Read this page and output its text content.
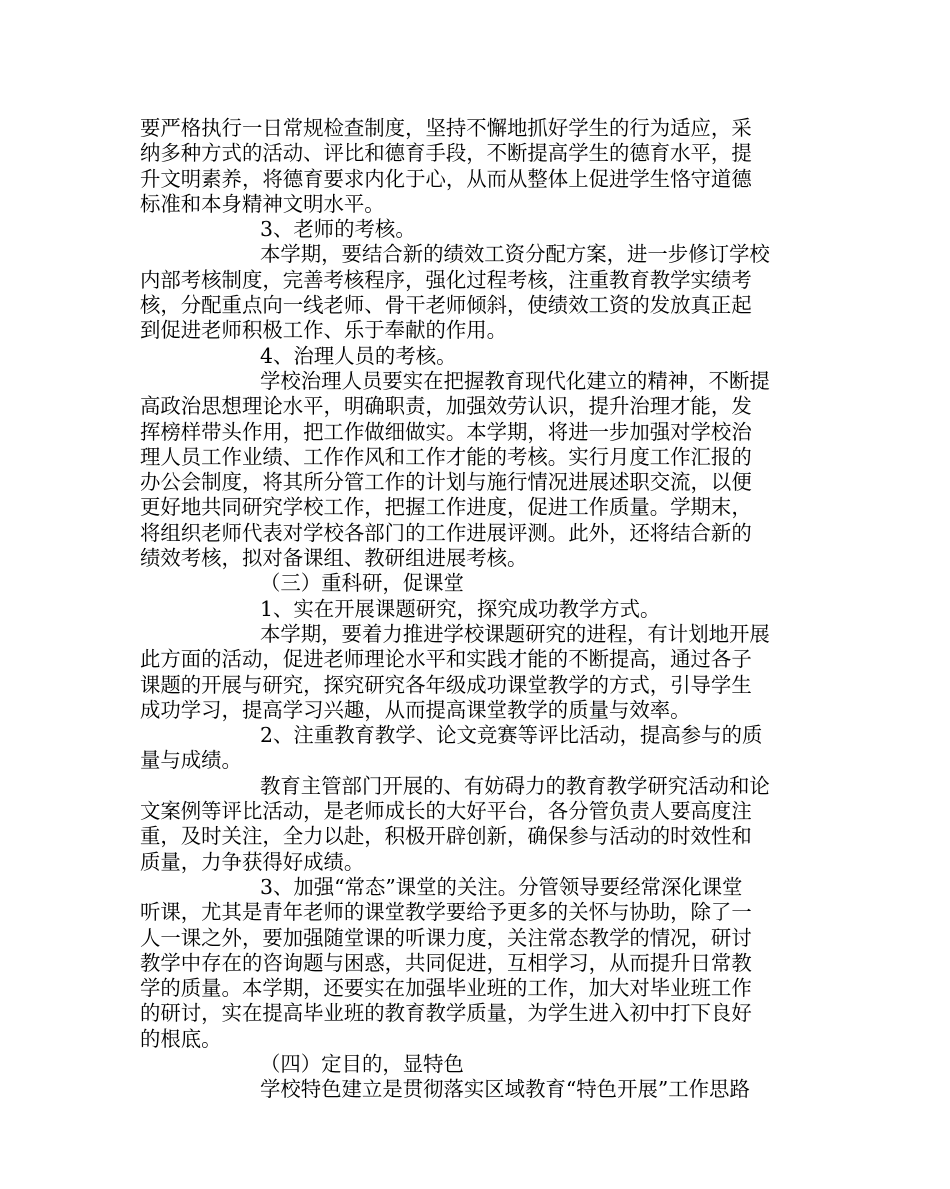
要严格执行一日常规检查制度，坚持不懈地抓好学生的行为适应，采
纳多种方式的活动、评比和德育手段，不断提高学生的德育水平，提
升文明素养，将德育要求内化于心，从而从整体上促进学生恪守道德
标准和本身精神文明水平。
3、老师的考核。
本学期，要结合新的绩效工资分配方案，进一步修订学校
内部考核制度，完善考核程序，强化过程考核，注重教育教学实绩考
核，分配重点向一线老师、骨干老师倾斜，使绩效工资的发放真正起
到促进老师积极工作、乐于奉献的作用。
4、治理人员的考核。
学校治理人员要实在把握教育现代化建立的精神，不断提
高政治思想理论水平，明确职责，加强效劳认识，提升治理才能，发
挥榜样带头作用，把工作做细做实。本学期，将进一步加强对学校治
理人员工作业绩、工作作风和工作才能的考核。实行月度工作汇报的
办公会制度，将其所分管工作的计划与施行情况进展述职交流，以便
更好地共同研究学校工作，把握工作进度，促进工作质量。学期末，
将组织老师代表对学校各部门的工作进展评测。此外，还将结合新的
绩效考核，拟对备课组、教研组进展考核。
（三）重科研，促课堂
1、实在开展课题研究，探究成功教学方式。
本学期，要着力推进学校课题研究的进程，有计划地开展
此方面的活动，促进老师理论水平和实践才能的不断提高，通过各子
课题的开展与研究，探究研究各年级成功课堂教学的方式，引导学生
成功学习，提高学习兴趣，从而提高课堂教学的质量与效率。
2、注重教育教学、论文竞赛等评比活动，提高参与的质
量与成绩。
教育主管部门开展的、有妨碍力的教育教学研究活动和论
文案例等评比活动，是老师成长的大好平台，各分管负责人要高度注
重，及时关注，全力以赴，积极开辟创新，确保参与活动的时效性和
质量，力争获得好成绩。
3、加强“常态”课堂的关注。分管领导要经常深化课堂
听课，尤其是青年老师的课堂教学要给予更多的关怀与协助，除了一
人一课之外，要加强随堂课的听课力度，关注常态教学的情况，研讨
教学中存在的咨询题与困惑，共同促进，互相学习，从而提升日常教
学的质量。本学期，还要实在加强毕业班的工作，加大对毕业班工作
的研讨，实在提高毕业班的教育教学质量，为学生进入初中打下良好
的根底。
（四）定目的，显特色
学校特色建立是贯彻落实区域教育“特色开展”工作思路
